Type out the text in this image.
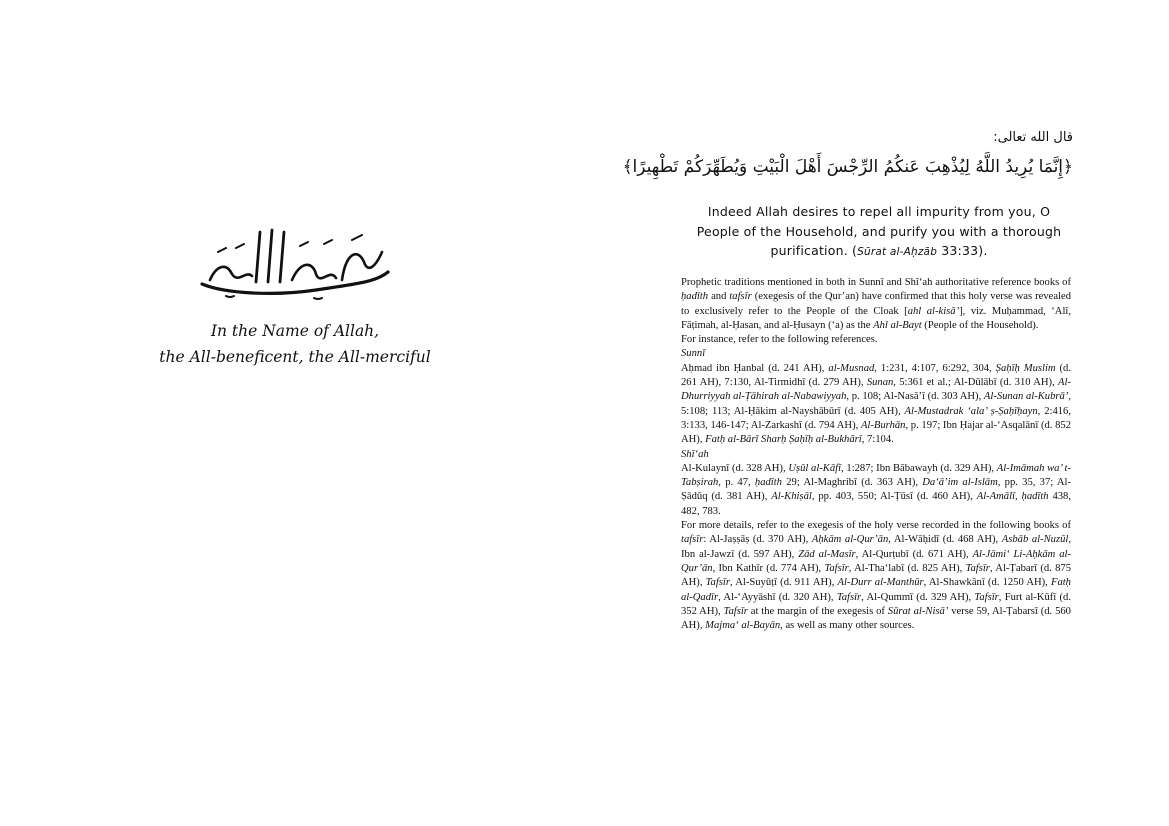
In the Name of Allah,
the All-beneficent, the All-merciful
قال الله تعالى:
﴿إِنَّمَا يُرِيدُ اللَّهُ لِيُذْهِبَ عَنكُمُ الرِّجْسَ أَهْلَ الْبَيْتِ وَيُطَهِّرَكُمْ تَطْهِيرًا﴾
Indeed Allah desires to repel all impurity from you, O People of the Household, and purify you with a thorough purification. (Sūrat al-Aḥzāb 33:33).

Prophetic traditions mentioned in both in Sunnī and Shī‘ah authoritative reference books of ḥadīth and tafsīr (exegesis of the Qur’an) have confirmed that this holy verse was revealed to exclusively refer to the People of the Cloak [ahl al-kisā’], viz. Muḥammad, ‘Alī, Fāṭimah, al-Ḥasan, and al-Ḥusayn (‘a) as the Ahl al-Bayt (People of the Household).

For instance, refer to the following references.

Sunnī

Aḥmad ibn Ḥanbal (d. 241 AH), al-Musnad, 1:231, 4:107, 6:292, 304, Ṣaḥīḥ Muslim (d. 261 AH), 7:130, Al-Tirmidhī (d. 279 AH), Sunan, 5:361 et al.; Al-Dūlābī (d. 310 AH), Al-Dhurriyyah al-Ṭāhirah al-Nabawiyyah, p. 108; Al-Nasā’ī (d. 303 AH), Al-Sunan al-Kubrā’, 5:108; 113; Al-Ḥākim al-Nayshābūrī (d. 405 AH), Al-Mustadrak ‘ala’ ṣ-Ṣaḥīḥayn, 2:416, 3:133, 146-147; Al-Zarkashī (d. 794 AH), Al-Burhān, p. 197; Ibn Ḥajar al-‘Asqalānī (d. 852 AH), Fatḥ al-Bārī Sharḥ Ṣaḥīḥ al-Bukhārī, 7:104.

Shī‘ah

Al-Kulaynī (d. 328 AH), Uṣūl al-Kāfī, 1:287; Ibn Bābawayh (d. 329 AH), Al-Imāmah wa’ t-Tabṣirah, p. 47, ḥadīth 29; Al-Maghribī (d. 363 AH), Da‘ā’im al-Islām, pp. 35, 37; Al-Ṣādūq (d. 381 AH), Al-Khiṣāl, pp. 403, 550; Al-Ṭūsī (d. 460 AH), Al-Amālī, ḥadīth 438, 482, 783.

For more details, refer to the exegesis of the holy verse recorded in the following books of tafsīr: Al-Jaṣṣāṣ (d. 370 AH), Aḥkām al-Qur’ān, Al-Wāḥidī (d. 468 AH), Asbāb al-Nuzūl, Ibn al-Jawzī (d. 597 AH), Zād al-Masīr, Al-Qurṭubī (d. 671 AH), Al-Jāmi‘ Li-Aḥkām al-Qur’ān, Ibn Kathīr (d. 774 AH), Tafsīr, Al-Tha‘labī (d. 825 AH), Tafsīr, Al-Ṭabarī (d. 875 AH), Tafsīr, Al-Suyūṭī (d. 911 AH), Al-Durr al-Manthūr, Al-Shawkānī (d. 1250 AH), Fatḥ al-Qadīr, Al-‘Ayyāshī (d. 320 AH), Tafsīr, Al-Qummī (d. 329 AH), Tafsīr, Furt al-Kūfī (d. 352 AH), Tafsīr at the margin of the exegesis of Sūrat al-Nisā’ verse 59, Al-Ṭabarsī (d. 560 AH), Majma‘ al-Bayān, as well as many other sources.
